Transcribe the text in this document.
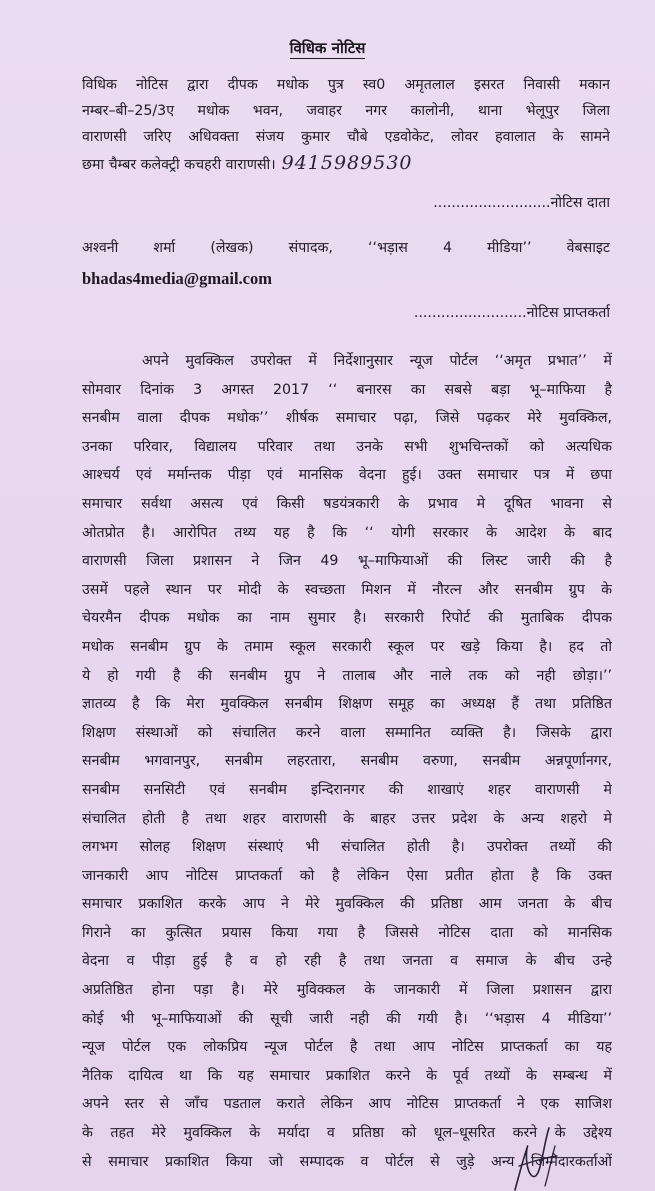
विधिक नोटिस
विधिक नोटिस द्वारा दीपक मधोक पुत्र स्व0 अमृतलाल इसरत निवासी मकान
नम्बर–बी–25/3ए मधोक भवन, जवाहर नगर कालोनी, थाना भेलूपुर जिला
वाराणसी जरिए अधिवक्ता संजय कुमार चौबे एडवोकेट, लोवर हवालात के सामने
छमा चैम्बर कलेक्ट्री कचहरी वाराणसी। 9415989530
..........................नोटिस दाता
अश्वनी शर्मा (लेखक) संपादक, ‘‘भड़ास 4 मीडिया’’ वेबसाइट
bhadas4media@gmail.com
.........................नोटिस प्राप्तकर्ता
अपने मुवक्किल उपरोक्त में निर्देशानुसार न्यूज पोर्टल ‘‘अमृत प्रभात’’ में
सोमवार दिनांक 3 अगस्त 2017 ‘‘ बनारस का सबसे बड़ा भू–माफिया है
सनबीम वाला दीपक मधोक’’ शीर्षक समाचार पढ़ा, जिसे पढ़कर मेरे मुवक्किल,
उनका परिवार, विद्यालय परिवार तथा उनके सभी शुभचिन्तकों को अत्यधिक
आश्चर्य एवं मर्मान्तक पीड़ा एवं मानसिक वेदना हुई। उक्त समाचार पत्र में छपा
समाचार सर्वथा असत्य एवं किसी षडयंत्रकारी के प्रभाव मे दूषित भावना से
ओतप्रोत है। आरोपित तथ्य यह है कि ‘‘ योगी सरकार के आदेश के बाद
वाराणसी जिला प्रशासन ने जिन 49 भू–माफियाओं की लिस्ट जारी की है
उसमें पहले स्थान पर मोदी के स्वच्छता मिशन में नौरत्न और सनबीम ग्रुप के
चेयरमैन दीपक मधोक का नाम सुमार है। सरकारी रिपोर्ट की मुताबिक दीपक
मधोक सनबीम ग्रुप के तमाम स्कूल सरकारी स्कूल पर खड़े किया है। हद तो
ये हो गयी है की सनबीम ग्रुप ने तालाब और नाले तक को नही छोड़ा।’’
ज्ञातव्य है कि मेरा मुवक्किल सनबीम शिक्षण समूह का अध्यक्ष हैं तथा प्रतिष्ठित
शिक्षण संस्थाओं को संचालित करने वाला सम्मानित व्यक्ति है। जिसके द्वारा
सनबीम भगवानपुर, सनबीम लहरतारा, सनबीम वरुणा, सनबीम अन्नपूर्णानगर,
सनबीम सनसिटी एवं सनबीम इन्दिरानगर की शाखाएं शहर वाराणसी मे
संचालित होती है तथा शहर वाराणसी के बाहर उत्तर प्रदेश के अन्य शहरो मे
लगभग सोलह शिक्षण संस्थाएं भी संचालित होती है। उपरोक्त तथ्यों की
जानकारी आप नोटिस प्राप्तकर्ता को है लेकिन ऐसा प्रतीत होता है कि उक्त
समाचार प्रकाशित करके आप ने मेरे मुवक्किल की प्रतिष्ठा आम जनता के बीच
गिराने का कुत्सित प्रयास किया गया है जिससे नोटिस दाता को मानसिक
वेदना व पीड़ा हुई है व हो रही है तथा जनता व समाज के बीच उन्हे
अप्रतिष्ठित होना पड़ा है। मेरे मुविक्कल के जानकारी में जिला प्रशासन द्वारा
कोई भी भू–माफियाओं की सूची जारी नही की गयी है। ‘‘भड़ास 4 मीडिया’’
न्यूज पोर्टल एक लोकप्रिय न्यूज पोर्टल है तथा आप नोटिस प्राप्तकर्ता का यह
नैतिक दायित्व था कि यह समाचार प्रकाशित करने के पूर्व तथ्यों के सम्बन्ध में
अपने स्तर से जाँच पडताल कराते लेकिन आप नोटिस प्राप्तकर्ता ने एक साजिश
के तहत मेरे मुवक्किल के मर्यादा व प्रतिष्ठा को धूल–धूसरित करने के उद्देश्य
से समाचार प्रकाशित किया जो सम्पादक व पोर्टल से जुड़े अन्य जिम्मेदारकर्ताओं
